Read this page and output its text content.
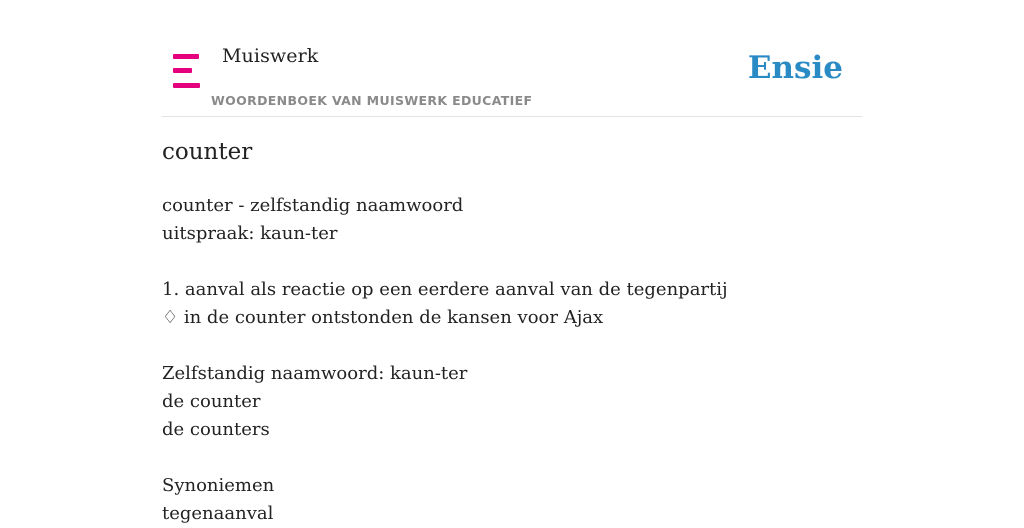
Muiswerk
WOORDENBOEK VAN MUISWERK EDUCATIEF
Ensie
counter
counter - zelfstandig naamwoord
uitspraak: kaun-ter
1. aanval als reactie op een eerdere aanval van de tegenpartij
♢ in de counter ontstonden de kansen voor Ajax
Zelfstandig naamwoord: kaun-ter
de counter
de counters
Synoniemen
tegenaanval
